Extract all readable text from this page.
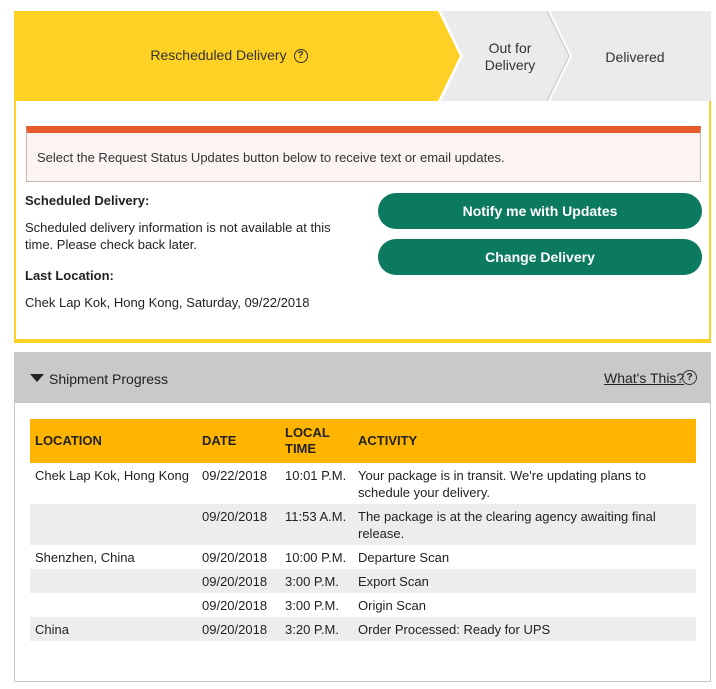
Rescheduled Delivery	?	Out for
Delivery	Delivered
Select the Request Status Updates button below to receive text or email updates.
Scheduled Delivery:
Scheduled delivery information is not available at this time. Please check back later.
Last Location:
Chek Lap Kok, Hong Kong, Saturday, 09/22/2018
Notify me with Updates
Change Delivery
Shipment Progress	What's This? ?
LOCATION	DATE	LOCAL TIME	ACTIVITY
Chek Lap Kok, Hong Kong	09/22/2018	10:01 P.M.	Your package is in transit. We're updating plans to schedule your delivery.
	09/20/2018	11:53 A.M.	The package is at the clearing agency awaiting final release.
Shenzhen, China	09/20/2018	10:00 P.M.	Departure Scan
	09/20/2018	3:00 P.M.	Export Scan
	09/20/2018	3:00 P.M.	Origin Scan
China	09/20/2018	3:20 P.M.	Order Processed: Ready for UPS
